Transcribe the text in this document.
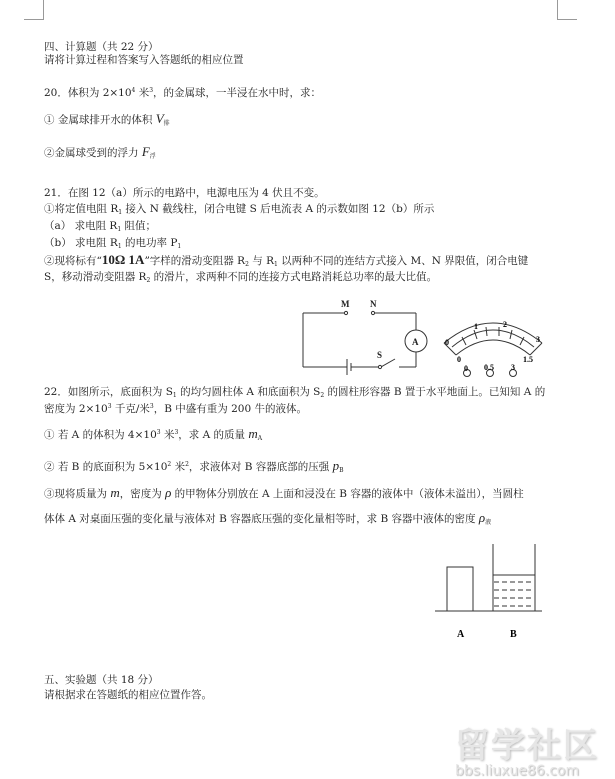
四、计算题（共 22 分）
请将计算过程和答案写入答题纸的相应位置
20．体积为 $2\times 10^4$ 米$^3$，的金属球，一半浸在水中时，求：
① 金属球排开水的体积 $V_排$
②金属球受到的浮力 $F_浮$
21．在图 12（a）所示的电路中，电源电压为 4 伏且不变。
①将定值电阻 $R_1$ 接入 N 截线柱，闭合电键 S 后电流表 A 的示数如图 12（b）所示
（a） 求电阻 $R_1$ 阻值；
（b） 求电阻 $R_1$ 的电功率 $P_1$
②现将标有“10Ω 1A”字样的滑动变阻器 $R_2$ 与 $R_1$ 以两种不同的连结方式接入 M、N 界限值，闭合电键
S，移动滑动变阻器 $R_2$ 的滑片，求两种不同的连接方式电路消耗总功率的最大比值。
M N
A
S
0
1	2
3
0	1.5
0 0.5 3
22．如图所示，底面积为 $S_1$ 的均匀圆柱体 A 和底面积为 $S_2$ 的圆柱形容器 B 置于水平地面上。已知知 A 的
密度为 $2\times 10^3$ 千克/米$^3$，B 中盛有重为 200 牛的液体。
① 若 A 的体积为 $4\times 10^3$ 米$^3$，求 A 的质量 $m_A$
② 若 B 的底面积为 $5\times 10^2$ 米$^2$，求液体对 B 容器底部的压强 $p_B$
③现将质量为 m，密度为 ρ 的甲物体分别放在 A 上面和浸没在 B 容器的液体中（液体未溢出），当圆柱
体体 A 对桌面压强的变化量与液体对 B 容器底压强的变化量相等时，求 B 容器中液体的密度 $\rho_液$
A	B
五、实验题（共 18 分）
请根据求在答题纸的相应位置作答。
留学社区
bbs.liuxue86.com
